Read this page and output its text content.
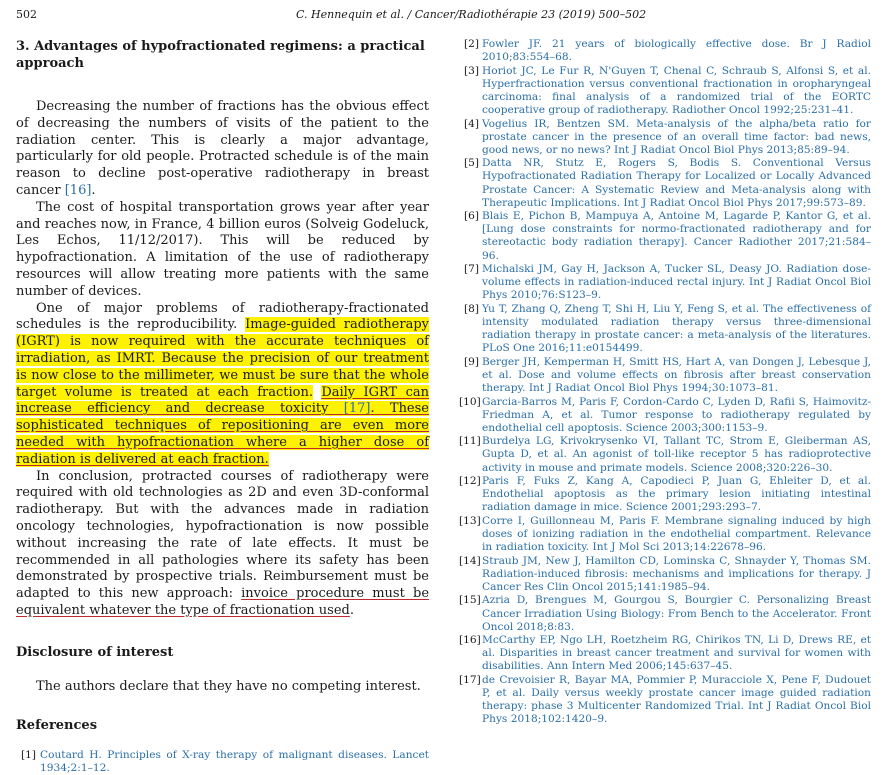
502	C. Hennequin et al. / Cancer/Radiothérapie 23 (2019) 500–502
3. Advantages of hypofractionated regimens: a practical approach

Decreasing the number of fractions has the obvious effect of decreasing the numbers of visits of the patient to the radiation center. This is clearly a major advantage, particularly for old people. Protracted schedule is of the main reason to decline post-operative radiotherapy in breast cancer [16].

The cost of hospital transportation grows year after year and reaches now, in France, 4 billion euros (Solveig Godeluck, Les Echos, 11/12/2017). This will be reduced by hypofractionation. A limitation of the use of radiotherapy resources will allow treating more patients with the same number of devices.

One of major problems of radiotherapy-fractionated schedules is the reproducibility. Image-guided radiotherapy (IGRT) is now required with the accurate techniques of irradiation, as IMRT. Because the precision of our treatment is now close to the millimeter, we must be sure that the whole target volume is treated at each fraction. Daily IGRT can increase efficiency and decrease toxicity [17]. These sophisticated techniques of repositioning are even more needed with hypofractionation where a higher dose of radiation is delivered at each fraction.

In conclusion, protracted courses of radiotherapy were required with old technologies as 2D and even 3D-conformal radiotherapy. But with the advances made in radiation oncology technologies, hypofractionation is now possible without increasing the rate of late effects. It must be recommended in all pathologies where its safety has been demonstrated by prospective trials. Reimbursement must be adapted to this new approach: invoice procedure must be equivalent whatever the type of fractionation used.

Disclosure of interest

The authors declare that they have no competing interest.

References
[1] Coutard H. Principles of X-ray therapy of malignant diseases. Lancet 1934;2:1–12.
[2] Fowler JF. 21 years of biologically effective dose. Br J Radiol 2010;83:554–68.
[3] Horiot JC, Le Fur R, N'Guyen T, Chenal C, Schraub S, Alfonsi S, et al. Hyperfractionation versus conventional fractionation in oropharyngeal carcinoma: final analysis of a randomized trial of the EORTC cooperative group of radiotherapy. Radiother Oncol 1992;25:231–41.
[4] Vogelius IR, Bentzen SM. Meta-analysis of the alpha/beta ratio for prostate cancer in the presence of an overall time factor: bad news, good news, or no news? Int J Radiat Oncol Biol Phys 2013;85:89–94.
[5] Datta NR, Stutz E, Rogers S, Bodis S. Conventional Versus Hypofractionated Radiation Therapy for Localized or Locally Advanced Prostate Cancer: A Systematic Review and Meta-analysis along with Therapeutic Implications. Int J Radiat Oncol Biol Phys 2017;99:573–89.
[6] Blais E, Pichon B, Mampuya A, Antoine M, Lagarde P, Kantor G, et al. [Lung dose constraints for normo-fractionated radiotherapy and for stereotactic body radiation therapy]. Cancer Radiother 2017;21:584–96.
[7] Michalski JM, Gay H, Jackson A, Tucker SL, Deasy JO. Radiation dose-volume effects in radiation-induced rectal injury. Int J Radiat Oncol Biol Phys 2010;76:S123–9.
[8] Yu T, Zhang Q, Zheng T, Shi H, Liu Y, Feng S, et al. The effectiveness of intensity modulated radiation therapy versus three-dimensional radiation therapy in prostate cancer: a meta-analysis of the literatures. PLoS One 2016;11:e0154499.
[9] Berger JH, Kemperman H, Smitt HS, Hart A, van Dongen J, Lebesque J, et al. Dose and volume effects on fibrosis after breast conservation therapy. Int J Radiat Oncol Biol Phys 1994;30:1073–81.
[10] Garcia-Barros M, Paris F, Cordon-Cardo C, Lyden D, Rafii S, Haimovitz-Friedman A, et al. Tumor response to radiotherapy regulated by endothelial cell apoptosis. Science 2003;300:1153–9.
[11] Burdelya LG, Krivokrysenko VI, Tallant TC, Strom E, Gleiberman AS, Gupta D, et al. An agonist of toll-like receptor 5 has radioprotective activity in mouse and primate models. Science 2008;320:226–30.
[12] Paris F, Fuks Z, Kang A, Capodieci P, Juan G, Ehleiter D, et al. Endothelial apoptosis as the primary lesion initiating intestinal radiation damage in mice. Science 2001;293:293–7.
[13] Corre I, Guillonneau M, Paris F. Membrane signaling induced by high doses of ionizing radiation in the endothelial compartment. Relevance in radiation toxicity. Int J Mol Sci 2013;14:22678–96.
[14] Straub JM, New J, Hamilton CD, Lominska C, Shnayder Y, Thomas SM. Radiation-induced fibrosis: mechanisms and implications for therapy. J Cancer Res Clin Oncol 2015;141:1985–94.
[15] Azria D, Brengues M, Gourgou S, Bourgier C. Personalizing Breast Cancer Irradiation Using Biology: From Bench to the Accelerator. Front Oncol 2018;8:83.
[16] McCarthy EP, Ngo LH, Roetzheim RG, Chirikos TN, Li D, Drews RE, et al. Disparities in breast cancer treatment and survival for women with disabilities. Ann Intern Med 2006;145:637–45.
[17] de Crevoisier R, Bayar MA, Pommier P, Muracciole X, Pene F, Dudouet P, et al. Daily versus weekly prostate cancer image guided radiation therapy: phase 3 Multicenter Randomized Trial. Int J Radiat Oncol Biol Phys 2018;102:1420–9.
